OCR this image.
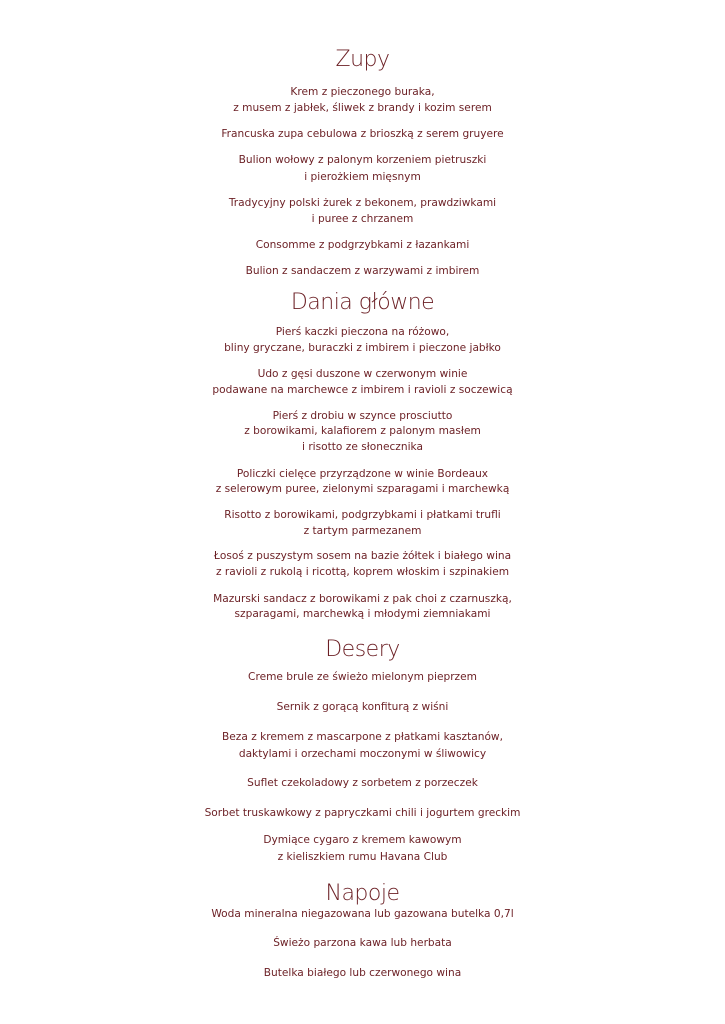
Zupy
Krem z pieczonego buraka,
z musem z jabłek, śliwek z brandy i kozim serem
Francuska zupa cebulowa z brioszką z serem gruyere
Bulion wołowy z palonym korzeniem pietruszki
i pierożkiem mięsnym
Tradycyjny polski żurek z bekonem, prawdziwkami
i puree z chrzanem
Consomme z podgrzybkami z łazankami
Bulion z sandaczem z warzywami z imbirem
Dania główne
Pierś kaczki pieczona na różowo,
bliny gryczane, buraczki z imbirem i pieczone jabłko
Udo z gęsi duszone w czerwonym winie
podawane na marchewce z imbirem i ravioli z soczewicą
Pierś z drobiu w szynce prosciutto
z borowikami, kalafiorem z palonym masłem
i risotto ze słonecznika
Policzki cielęce przyrządzone w winie Bordeaux
z selerowym puree, zielonymi szparagami i marchewką
Risotto z borowikami, podgrzybkami i płatkami trufli
z tartym parmezanem
Łosoś z puszystym sosem na bazie żółtek i białego wina
z ravioli z rukolą i ricottą, koprem włoskim i szpinakiem
Mazurski sandacz z borowikami z pak choi z czarnuszką,
szparagami, marchewką i młodymi ziemniakami
Desery
Creme brule ze świeżo mielonym pieprzem
Sernik z gorącą konfiturą z wiśni
Beza z kremem z mascarpone z płatkami kasztanów,
daktylami i orzechami moczonymi w śliwowicy
Suflet czekoladowy z sorbetem z porzeczek
Sorbet truskawkowy z papryczkami chili i jogurtem greckim
Dymiące cygaro z kremem kawowym
z kieliszkiem rumu Havana Club
Napoje
Woda mineralna niegazowana lub gazowana butelka 0,7l
Świeżo parzona kawa lub herbata
Butelka białego lub czerwonego wina
